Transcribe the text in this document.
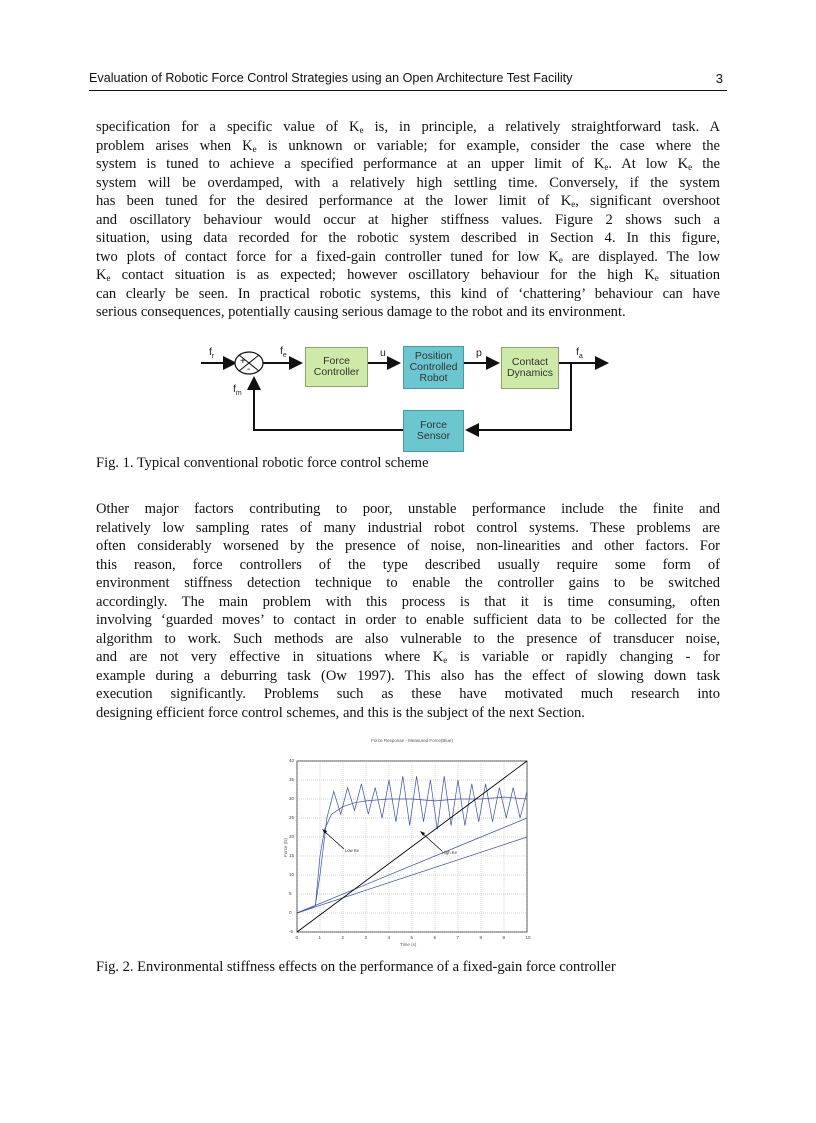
Evaluation of Robotic Force Control Strategies using an Open Architecture Test Facility	3
specification for a specific value of $K_e$ is, in principle, a relatively straightforward task. A
problem arises when $K_e$ is unknown or variable; for example, consider the case where the
system is tuned to achieve a specified performance at an upper limit of $K_e$. At low $K_e$ the
system will be overdamped, with a relatively high settling time. Conversely, if the system
has been tuned for the desired performance at the lower limit of $K_e$, significant overshoot
and oscillatory behaviour would occur at higher stiffness values. Figure 2 shows such a
situation, using data recorded for the robotic system described in Section 4. In this figure,
two plots of contact force for a fixed-gain controller tuned for low $K_e$ are displayed. The low
$K_e$ contact situation is as expected; however oscillatory behaviour for the high $K_e$ situation
can clearly be seen. In practical robotic systems, this kind of ‘chattering’ behaviour can have
serious consequences, potentially causing serious damage to the robot and its environment.
$f_r$	+
-
$f_e$
$f_m$
u	p	$f_a$
Force
Controller
Position
Controlled
Robot
Contact
Dynamics
Force
Sensor
Fig. 1. Typical conventional robotic force control scheme
Other major factors contributing to poor, unstable performance include the finite and
relatively low sampling rates of many industrial robot control systems. These problems are
often considerably worsened by the presence of noise, non-linearities and other factors. For
this reason, force controllers of the type described usually require some form of
environment stiffness detection technique to enable the controller gains to be switched
accordingly. The main problem with this process is that it is time consuming, often
involving ‘guarded moves’ to contact in order to enable sufficient data to be collected for the
algorithm to work. Such methods are also vulnerable to the presence of transducer noise,
and are not very effective in situations where $K_e$ is variable or rapidly changing - for
example during a deburring task (Ow 1997). This also has the effect of slowing down task
execution significantly. Problems such as these have motivated much research into
designing efficient force control schemes, and this is the subject of the next Section.
Force Response - Measured Force(Blue)
Force (N)
Time (s)
-5
0
5
10
15
20
25
30
35
40
0	1	2	3	4	5	6	7	8	9	10
Low Ke	High Ke
Fig. 2. Environmental stiffness effects on the performance of a fixed-gain force controller
